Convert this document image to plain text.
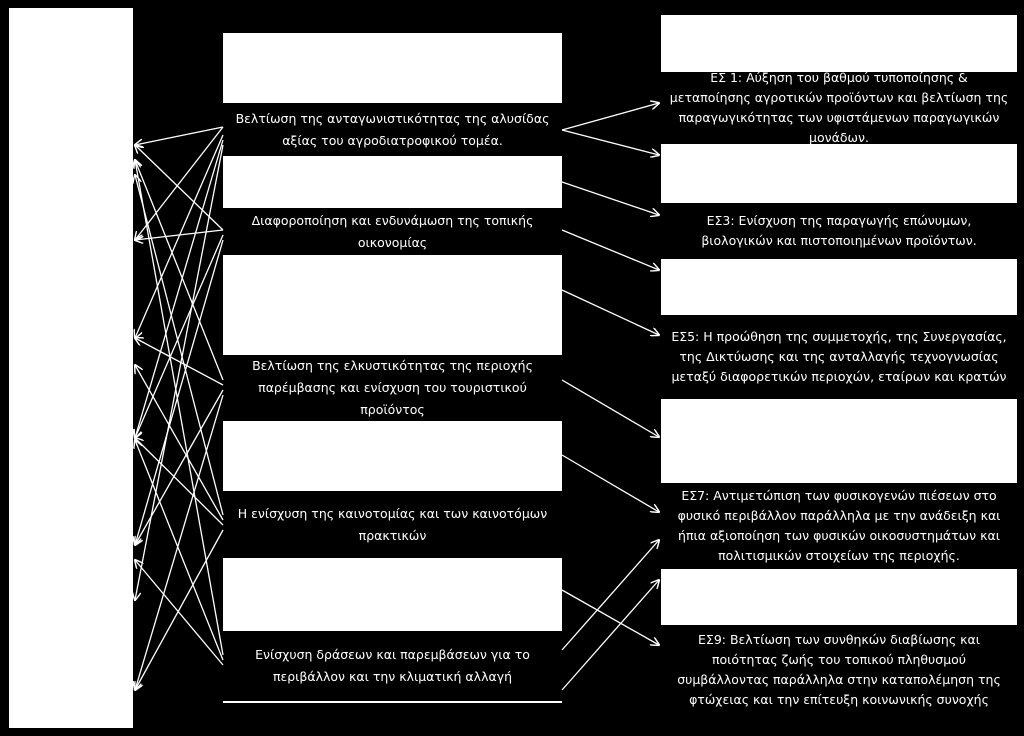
Βελτίωση της ανταγωνιστικότητας της αλυσίδας αξίας του αγροδιατροφικού τομέα.
Διαφοροποίηση και ενδυνάμωση της τοπικής οικονομίας
Βελτίωση της ελκυστικότητας της περιοχής παρέμβασης και ενίσχυση του τουριστικού προϊόντος
Η ενίσχυση της καινοτομίας και των καινοτόμων πρακτικών
Ενίσχυση δράσεων και παρεμβάσεων για το περιβάλλον και την κλιματική αλλαγή
ΕΣ 1: Αύξηση του βαθμού τυποποίησης & μεταποίησης αγροτικών προϊόντων και βελτίωση της παραγωγικότητας των υφιστάμενων παραγωγικών μονάδων.
ΕΣ3: Ενίσχυση της παραγωγής επώνυμων, βιολογικών και πιστοποιημένων προϊόντων.
ΕΣ5: Η προώθηση της συμμετοχής, της Συνεργασίας, της Δικτύωσης και της ανταλλαγής τεχνογνωσίας μεταξύ διαφορετικών περιοχών, εταίρων και κρατών
ΕΣ7: Αντιμετώπιση των φυσικογενών πιέσεων στο φυσικό περιβάλλον παράλληλα με την ανάδειξη και ήπια αξιοποίηση των φυσικών οικοσυστημάτων και πολιτισμικών στοιχείων της περιοχής.
ΕΣ9: Βελτίωση των συνθηκών διαβίωσης και ποιότητας ζωής του τοπικού πληθυσμού συμβάλλοντας παράλληλα στην καταπολέμηση της φτώχειας και την επίτευξη κοινωνικής συνοχής
